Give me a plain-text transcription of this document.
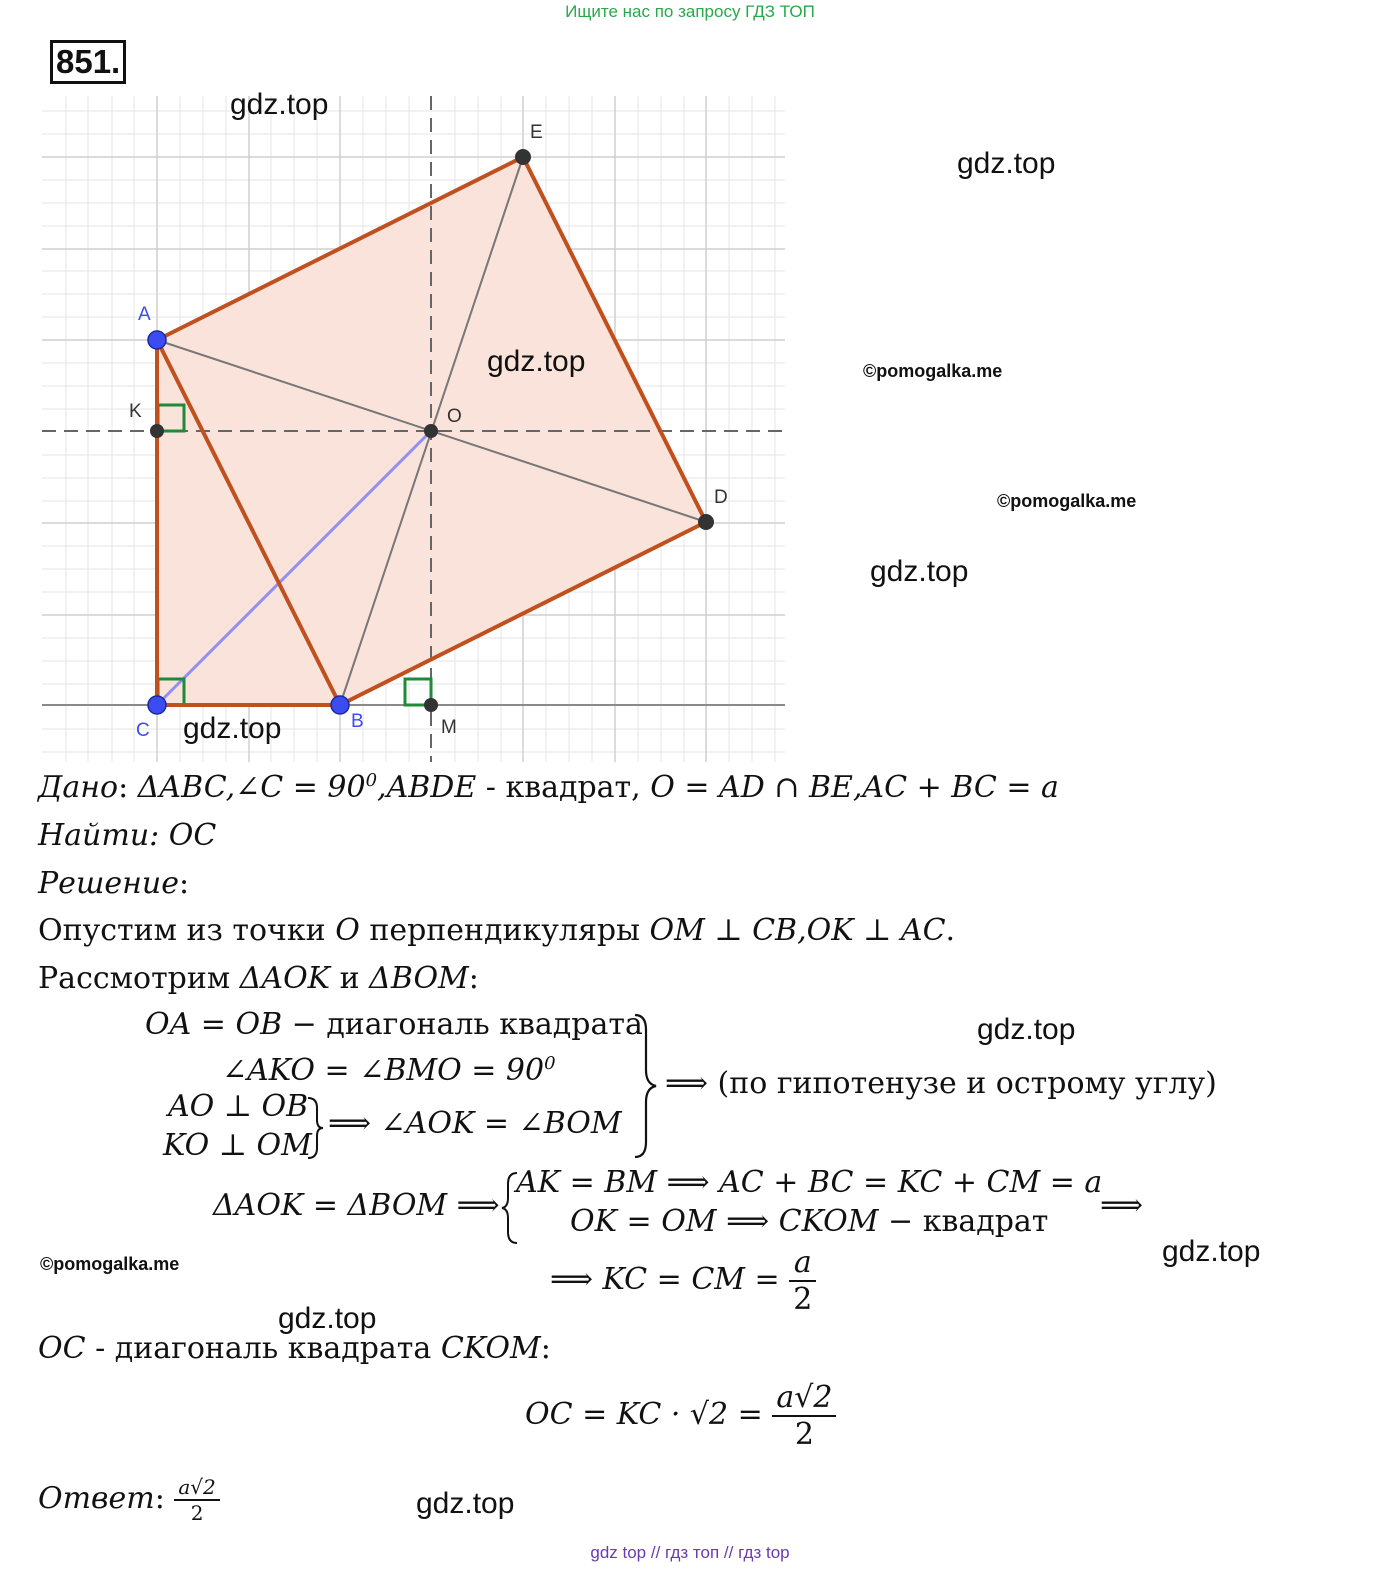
Ищите нас по запросу ГДЗ ТОП
851.
E
A
K	O
D
C	B	M
gdz.top
gdz.top
gdz.top
gdz.top
gdz.top
gdz.top
gdz.top
gdz.top
gdz.top
©pomogalka.me
©pomogalka.me
©pomogalka.me
Дано: ΔABC,∠C = $90^0,ABDE$ - квадрат, O = AD ∩ BE,AC + BC = a
Найти: OC
Решение:
Опустим из точки O перпендикуляры OM ⊥ CB,OK ⊥ AC.
Рассмотрим ΔAOK и ΔBOM:
OA = OB − диагональ квадрата
∠AKO = ∠BMO = $90^0$
AO ⊥ OB
KO ⊥ OM
⟹ ∠AOK = ∠BOM
⟹ (по гипотенузе и острому углу)
ΔAOK = ΔBOM ⟹
AK = BM ⟹ AC + BC = KC + CM = a
OK = OM ⟹ CKOM − квадрат ⟹
⟹ KC = CM = $\frac{a}{2}$
OC - диагональ квадрата CKOM:
OC = KC · $√2 = \frac{a√2}{2}$
Ответ: $\frac{a√2}{2}$
gdz top // гдз топ // гдз top
